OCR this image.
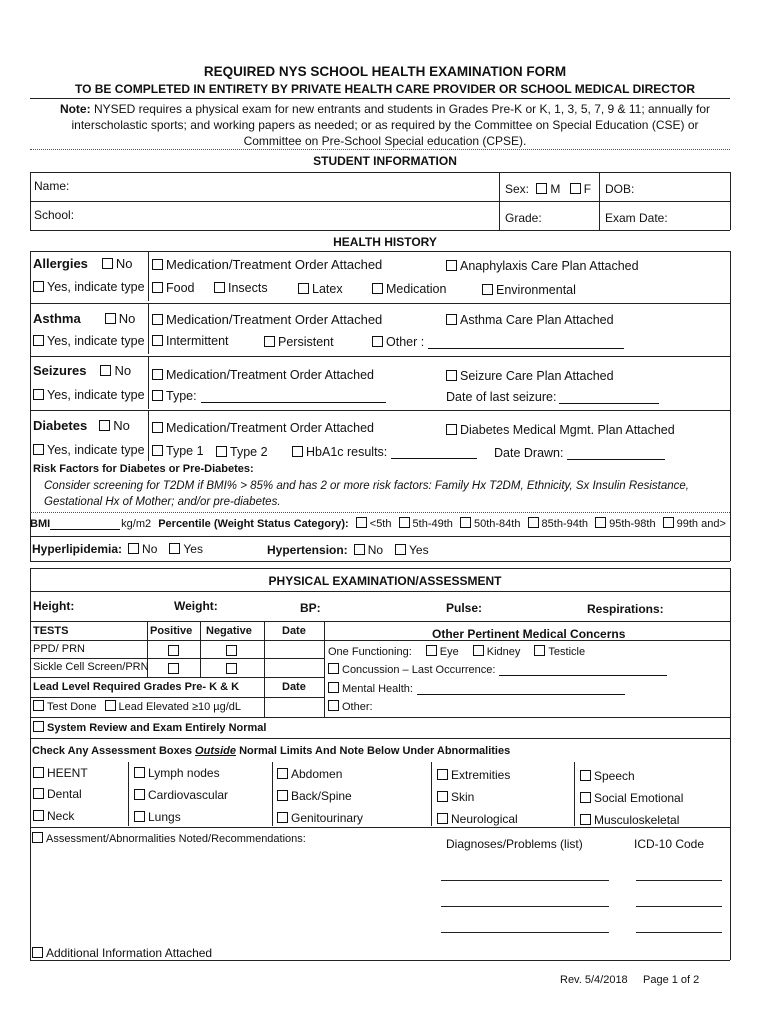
REQUIRED NYS SCHOOL HEALTH EXAMINATION FORM
TO BE COMPLETED IN ENTIRETY BY PRIVATE HEALTH CARE PROVIDER OR SCHOOL MEDICAL DIRECTOR
Note: NYSED requires a physical exam for new entrants and students in Grades Pre-K or K, 1, 3, 5, 7, 9 & 11; annually for
interscholastic sports; and working papers as needed; or as required by the Committee on Special Education (CSE) or
Committee on Pre-School Special education (CPSE).
STUDENT INFORMATION
Name:	Sex: M F DOB:
School:	Grade:	Exam Date:
HEALTH HISTORY
Allergies No	Medication/Treatment Order Attached	Anaphylaxis Care Plan Attached
Yes, indicate type	Food	Insects	Latex	Medication	Environmental
Asthma	No	Medication/Treatment Order Attached	Asthma Care Plan Attached
Yes, indicate type	Intermittent	Persistent	Other :
Seizures No	Medication/Treatment Order Attached	Seizure Care Plan Attached
Yes, indicate type	Type:	Date of last seizure:
Diabetes No	Medication/Treatment Order Attached	Diabetes Medical Mgmt. Plan Attached
Yes, indicate type	Type 1	Type 2	HbA1c results:	Date Drawn:
Risk Factors for Diabetes or Pre-Diabetes:
Consider screening for T2DM if BMI% > 85% and has 2 or more risk factors: Family Hx T2DM, Ethnicity, Sx Insulin Resistance,
Gestational Hx of Mother; and/or pre-diabetes.
BMI	kg/m2 Percentile (Weight Status Category): <5th 5th-49th 50th-84th 85th-94th 95th-98th 99th and>
Hyperlipidemia: No Yes	Hypertension: No Yes
PHYSICAL EXAMINATION/ASSESSMENT
Height:	Weight:	BP:	Pulse:	Respirations:
TESTS	Positive Negative	Date	Other Pertinent Medical Concerns
PPD/ PRN
Sickle Cell Screen/PRN
Lead Level Required Grades Pre- K & K	Date
Test Done Lead Elevated ≥10 µg/dL
One Functioning:	Eye	Kidney	Testicle
Concussion – Last Occurrence:
Mental Health:
Other:
System Review and Exam Entirely Normal
Check Any Assessment Boxes Outside Normal Limits And Note Below Under Abnormalities
HEENT
Dental
Neck
Lymph nodes
Cardiovascular
Lungs
Abdomen
Back/Spine
Genitourinary
Extremities
Skin
Neurological
Speech
Social Emotional
Musculoskeletal
Assessment/Abnormalities Noted/Recommendations:	Diagnoses/Problems (list)	ICD-10 Code
Additional Information Attached
Rev. 5/4/2018 Page 1 of 2
